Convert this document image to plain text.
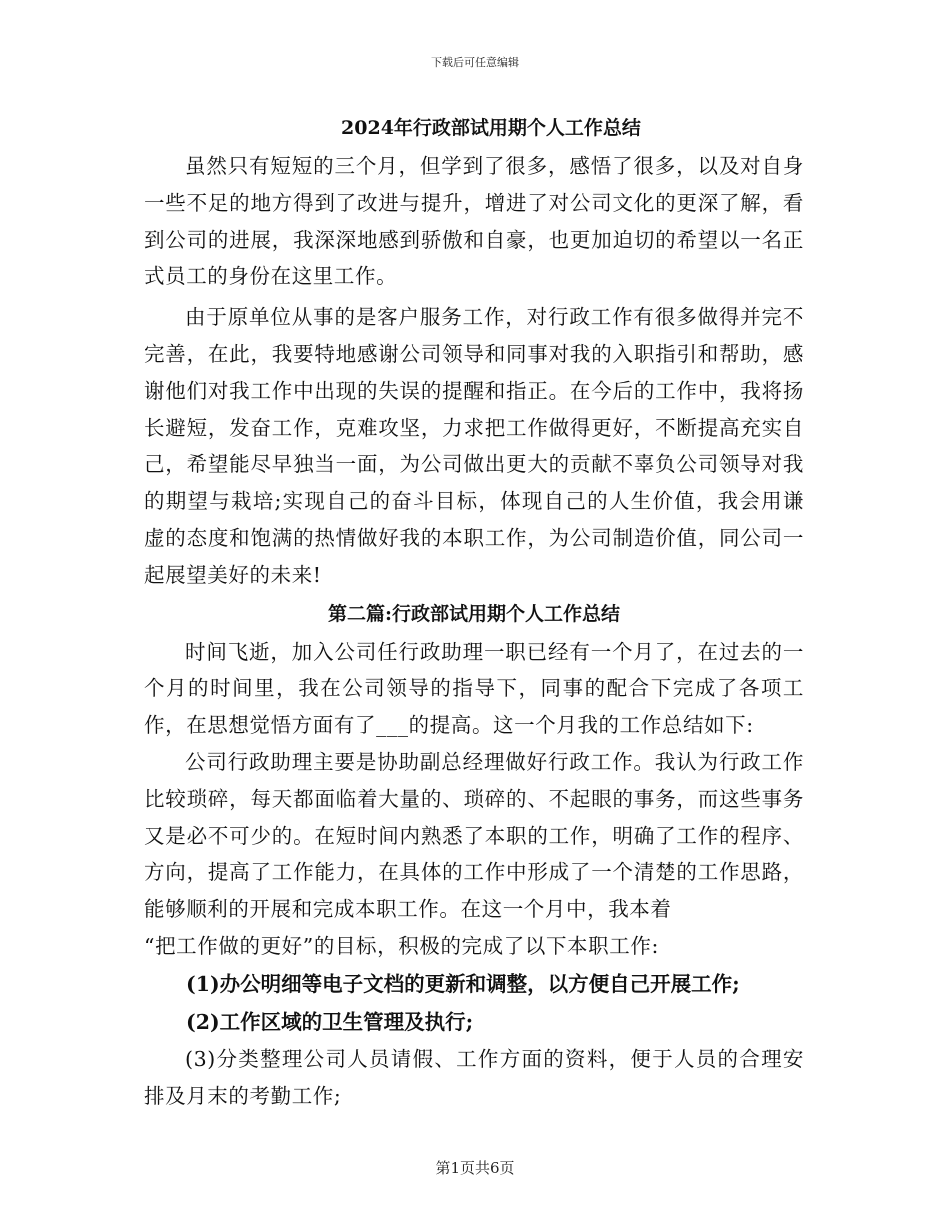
下载后可任意编辑
2024年行政部试用期个人工作总结

虽然只有短短的三个月，但学到了很多，感悟了很多，以及对自身一些不足的地方得到了改进与提升，增进了对公司文化的更深了解，看到公司的进展，我深深地感到骄傲和自豪，也更加迫切的希望以一名正式员工的身份在这里工作。

由于原单位从事的是客户服务工作，对行政工作有很多做得并完不完善，在此，我要特地感谢公司领导和同事对我的入职指引和帮助，感谢他们对我工作中出现的失误的提醒和指正。在今后的工作中，我将扬长避短，发奋工作，克难攻坚，力求把工作做得更好，不断提高充实自己，希望能尽早独当一面，为公司做出更大的贡献不辜负公司领导对我的期望与栽培;实现自己的奋斗目标，体现自己的人生价值，我会用谦虚的态度和饱满的热情做好我的本职工作，为公司制造价值，同公司一起展望美好的未来!

第二篇:行政部试用期个人工作总结

时间飞逝，加入公司任行政助理一职已经有一个月了，在过去的一个月的时间里，我在公司领导的指导下，同事的配合下完成了各项工作，在思想觉悟方面有了___的提高。这一个月我的工作总结如下:

公司行政助理主要是协助副总经理做好行政工作。我认为行政工作比较琐碎，每天都面临着大量的、琐碎的、不起眼的事务，而这些事务又是必不可少的。在短时间内熟悉了本职的工作，明确了工作的程序、方向，提高了工作能力，在具体的工作中形成了一个清楚的工作思路，能够顺利的开展和完成本职工作。在这一个月中，我本着

“把工作做的更好”的目标，积极的完成了以下本职工作:

(1)办公明细等电子文档的更新和调整，以方便自己开展工作;

(2)工作区域的卫生管理及执行;

(3)分类整理公司人员请假、工作方面的资料，便于人员的合理安排及月末的考勤工作;

第1页共6页
